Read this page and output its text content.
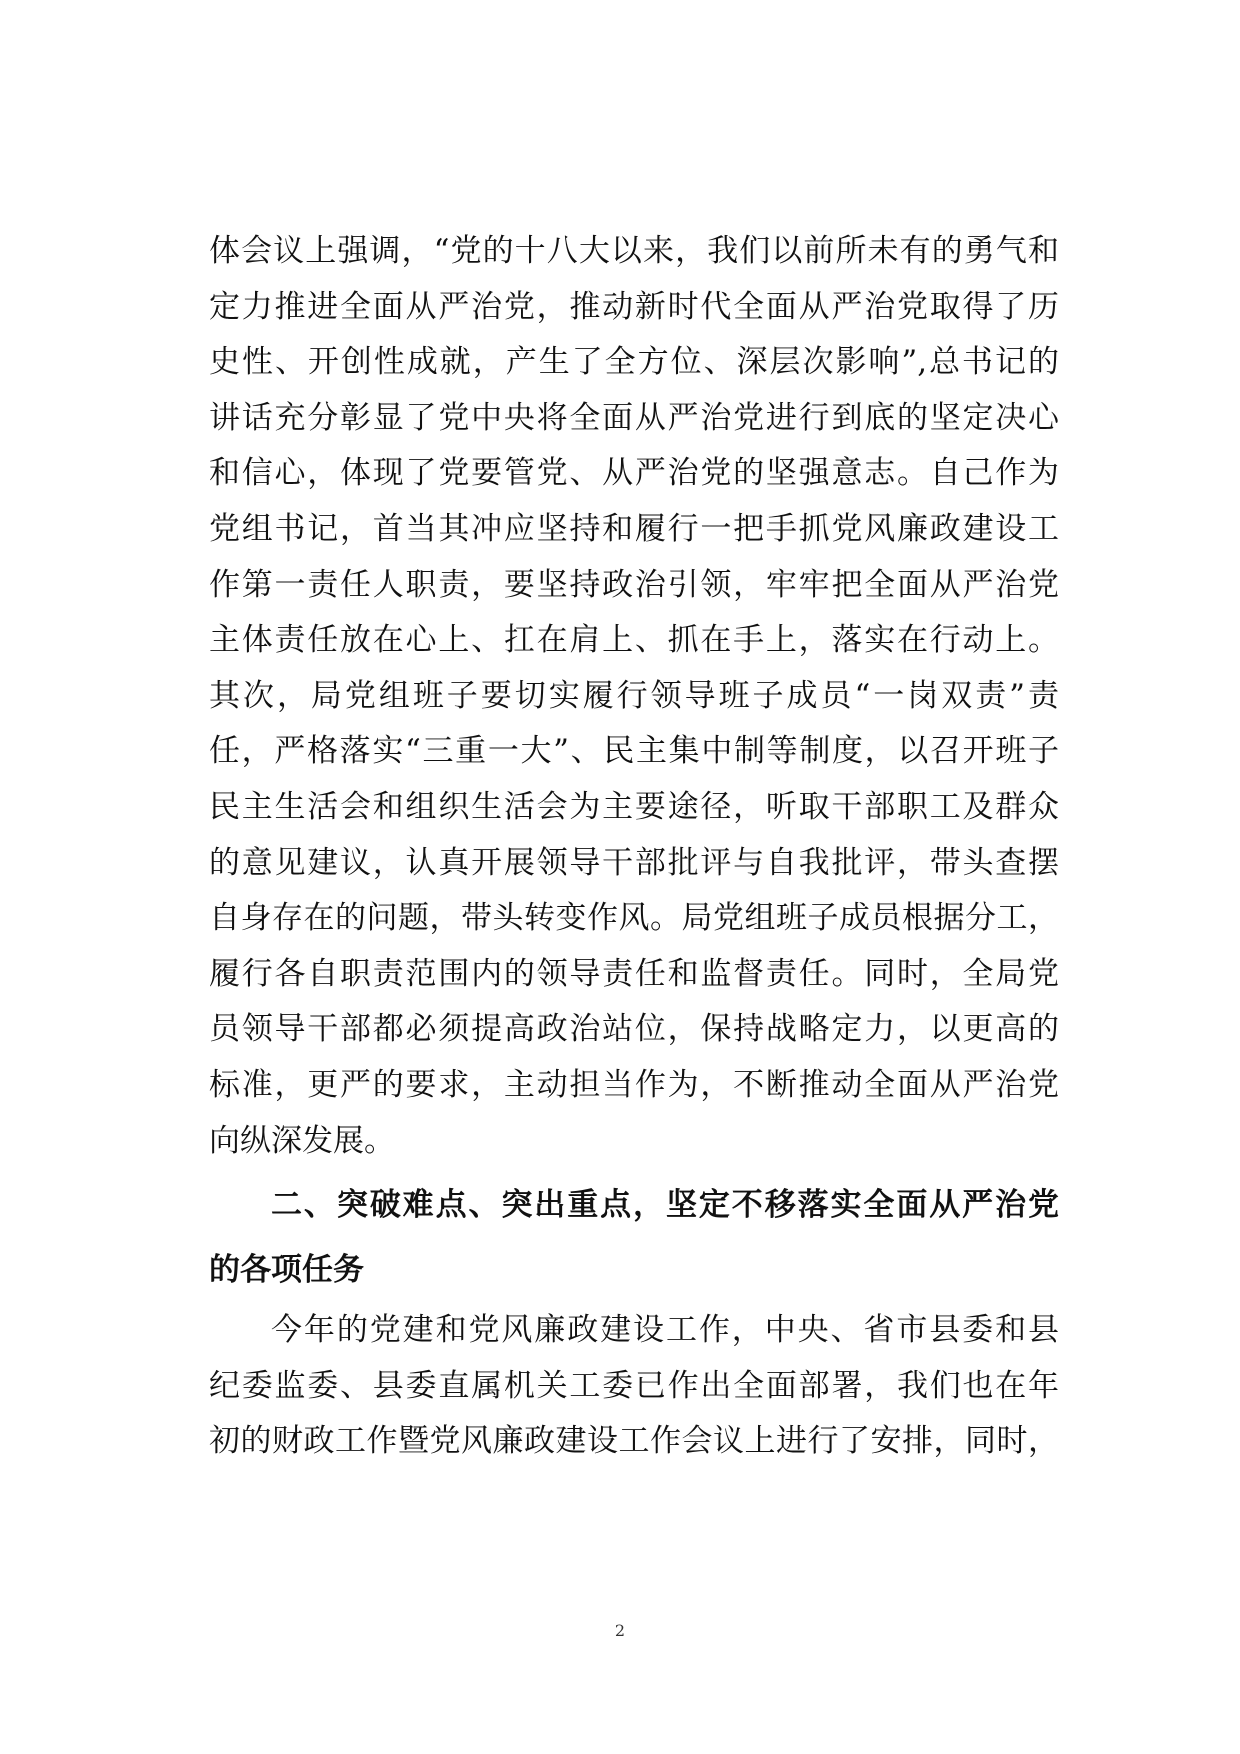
体会议上强调，“党的十八大以来，我们以前所未有的勇气和
定力推进全面从严治党，推动新时代全面从严治党取得了历
史性、开创性成就，产生了全方位、深层次影响”,总书记的
讲话充分彰显了党中央将全面从严治党进行到底的坚定决心
和信心，体现了党要管党、从严治党的坚强意志。自己作为
党组书记，首当其冲应坚持和履行一把手抓党风廉政建设工
作第一责任人职责，要坚持政治引领，牢牢把全面从严治党
主体责任放在心上、扛在肩上、抓在手上，落实在行动上。
其次，局党组班子要切实履行领导班子成员“一岗双责”责
任，严格落实“三重一大”、民主集中制等制度，以召开班子
民主生活会和组织生活会为主要途径，听取干部职工及群众
的意见建议，认真开展领导干部批评与自我批评，带头查摆
自身存在的问题，带头转变作风。局党组班子成员根据分工，
履行各自职责范围内的领导责任和监督责任。同时，全局党
员领导干部都必须提高政治站位，保持战略定力，以更高的
标准，更严的要求，主动担当作为，不断推动全面从严治党
向纵深发展。
二、突破难点、突出重点，坚定不移落实全面从严治党
的各项任务
今年的党建和党风廉政建设工作，中央、省市县委和县
纪委监委、县委直属机关工委已作出全面部署，我们也在年
初的财政工作暨党风廉政建设工作会议上进行了安排，同时，
2
